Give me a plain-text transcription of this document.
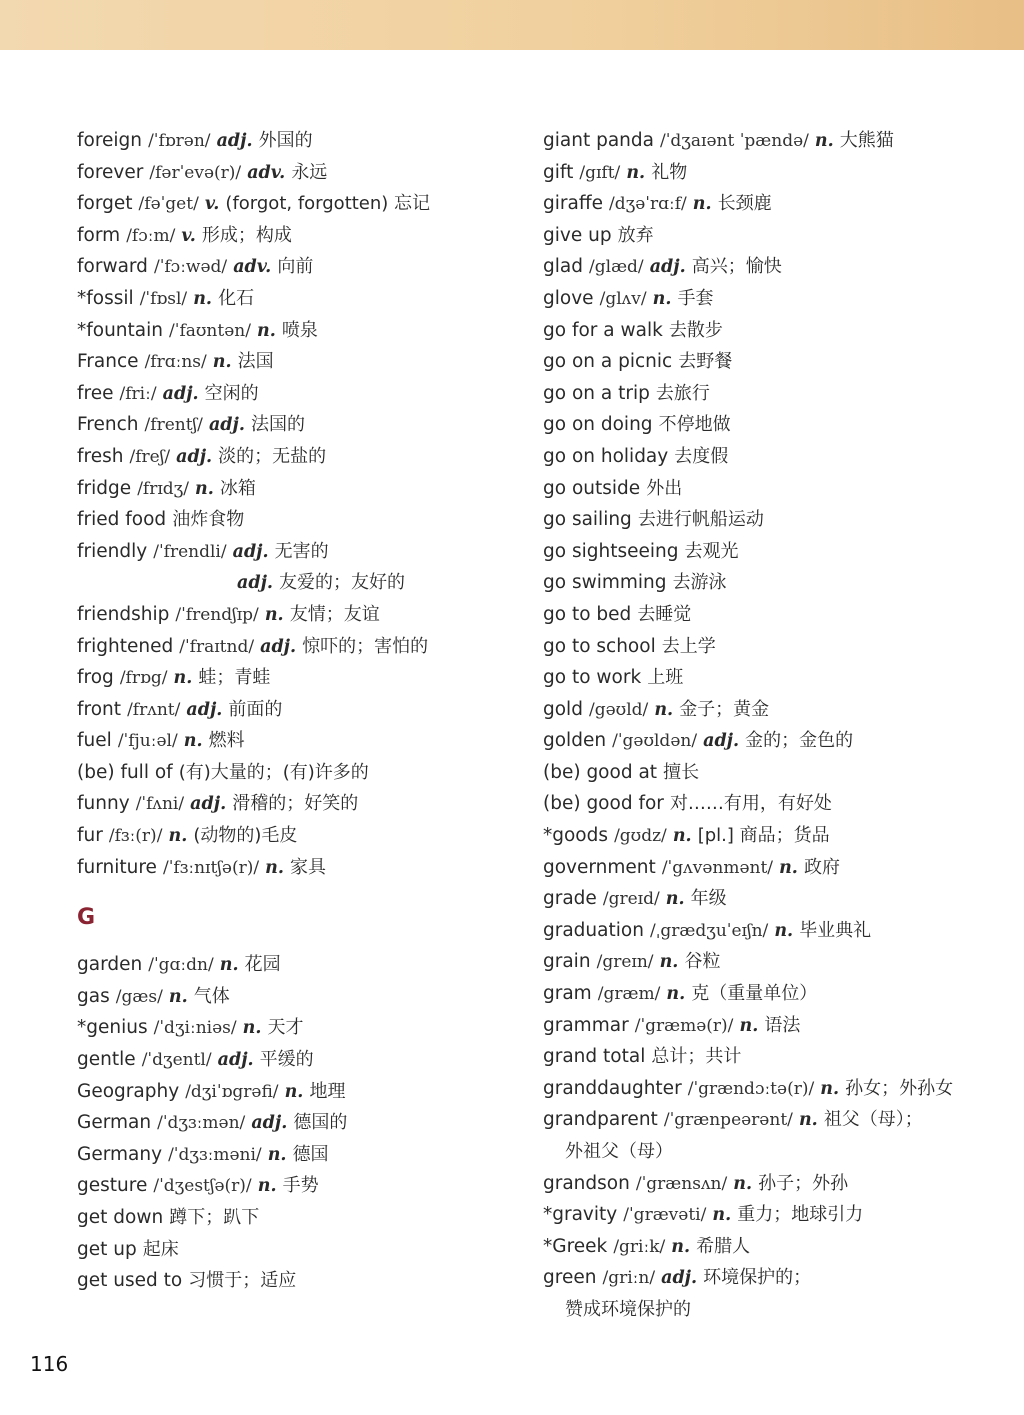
foreign /ˈfɒrən/ adj. 外国的
forever /fərˈevə(r)/ adv. 永远
forget /fəˈget/ v. (forgot, forgotten) 忘记
form /fɔːm/ v. 形成；构成
forward /ˈfɔːwəd/ adv. 向前
*fossil /ˈfɒsl/ n. 化石
*fountain /ˈfaʊntən/ n. 喷泉
France /frɑːns/ n. 法国
free /friː/ adj. 空闲的
French /frentʃ/ adj. 法国的
fresh /freʃ/ adj. 淡的；无盐的
fridge /frɪdʒ/ n. 冰箱
fried food 油炸食物
friendly /ˈfrendli/ adj. 无害的
adj. 友爱的；友好的
friendship /ˈfrendʃɪp/ n. 友情；友谊
frightened /ˈfraɪtnd/ adj. 惊吓的；害怕的
frog /frɒg/ n. 蛙；青蛙
front /frʌnt/ adj. 前面的
fuel /ˈfjuːəl/ n. 燃料
(be) full of (有)大量的；(有)许多的
funny /ˈfʌni/ adj. 滑稽的；好笑的
fur /fɜː(r)/ n. (动物的)毛皮
furniture /ˈfɜːnɪtʃə(r)/ n. 家具
G
garden /ˈgɑːdn/ n. 花园
gas /gæs/ n. 气体
*genius /ˈdʒiːniəs/ n. 天才
gentle /ˈdʒentl/ adj. 平缓的
Geography /dʒiˈɒgrəfi/ n. 地理
German /ˈdʒɜːmən/ adj. 德国的
Germany /ˈdʒɜːməni/ n. 德国
gesture /ˈdʒestʃə(r)/ n. 手势
get down 蹲下；趴下
get up 起床
get used to 习惯于；适应
giant panda /ˈdʒaɪənt ˈpændə/ n. 大熊猫
gift /gɪft/ n. 礼物
giraffe /dʒəˈrɑːf/ n. 长颈鹿
give up 放弃
glad /glæd/ adj. 高兴；愉快
glove /glʌv/ n. 手套
go for a walk 去散步
go on a picnic 去野餐
go on a trip 去旅行
go on doing 不停地做
go on holiday 去度假
go outside 外出
go sailing 去进行帆船运动
go sightseeing 去观光
go swimming 去游泳
go to bed 去睡觉
go to school 去上学
go to work 上班
gold /gəʊld/ n. 金子；黄金
golden /ˈgəʊldən/ adj. 金的；金色的
(be) good at 擅长
(be) good for 对……有用，有好处
*goods /gʊdz/ n. [pl.] 商品；货品
government /ˈgʌvənmənt/ n. 政府
grade /greɪd/ n. 年级
graduation /ˌgrædʒuˈeɪʃn/ n. 毕业典礼
grain /greɪn/ n. 谷粒
gram /græm/ n. 克（重量单位）
grammar /ˈgræmə(r)/ n. 语法
grand total 总计；共计
granddaughter /ˈgrændɔːtə(r)/ n. 孙女；外孙女
grandparent /ˈgrænpeərənt/ n. 祖父（母）；
外祖父（母）
grandson /ˈgrænsʌn/ n. 孙子；外孙
*gravity /ˈgrævəti/ n. 重力；地球引力
*Greek /griːk/ n. 希腊人
green /griːn/ adj. 环境保护的；
赞成环境保护的
116
